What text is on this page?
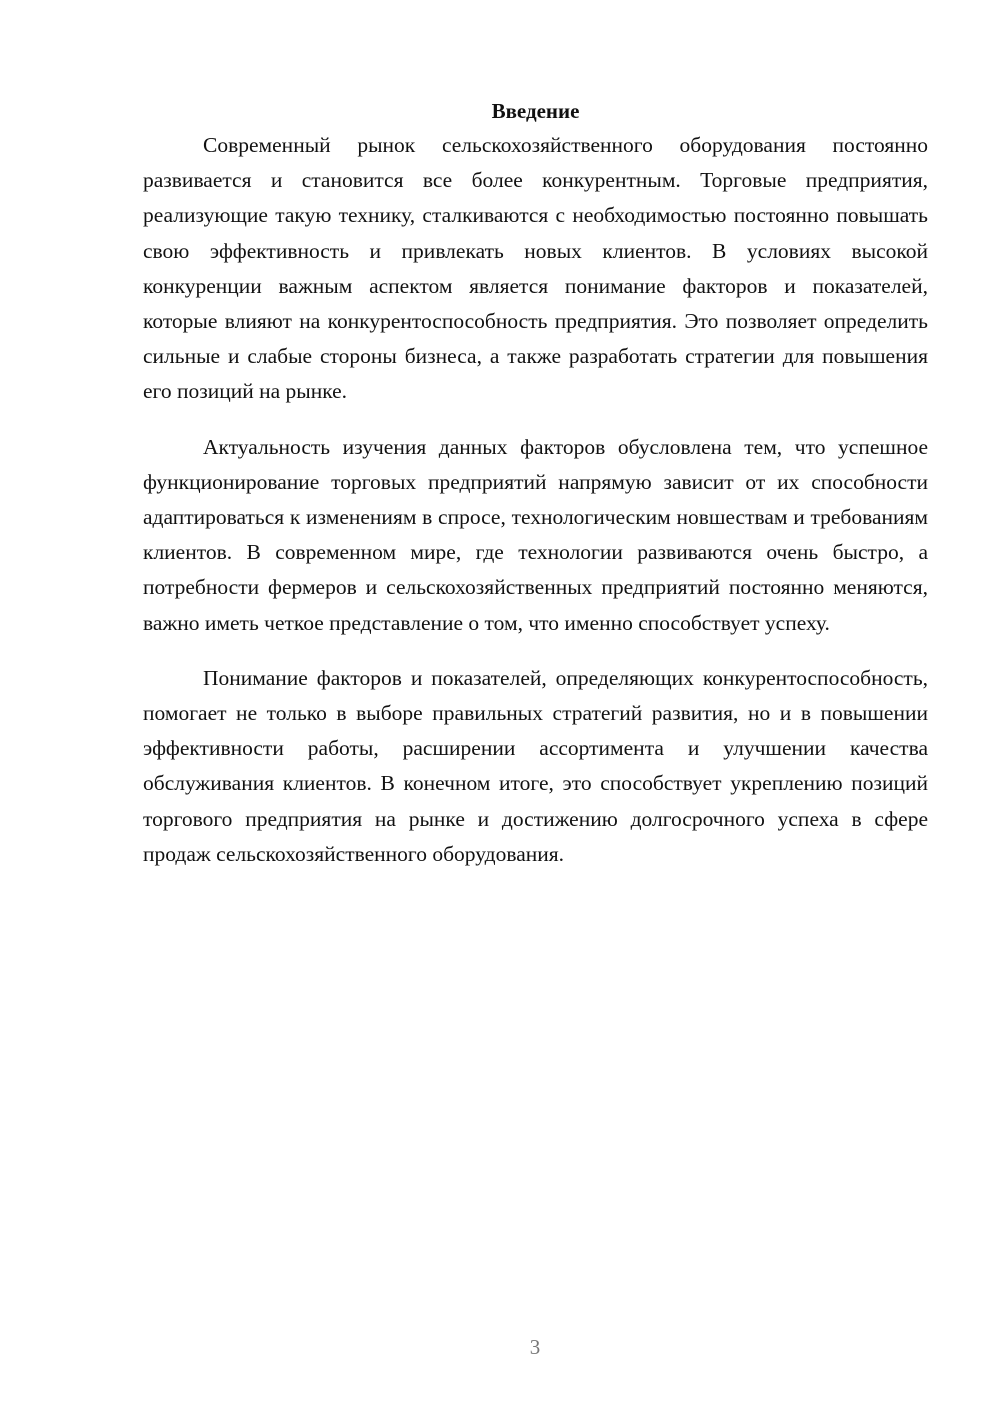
Введение

Современный рынок сельскохозяйственного оборудования постоянно развивается и становится все более конкурентным. Торговые предприятия, реализующие такую технику, сталкиваются с необходимостью постоянно повышать свою эффективность и привлекать новых клиентов. В условиях высокой конкуренции важным аспектом является понимание факторов и показателей, которые влияют на конкурентоспособность предприятия. Это позволяет определить сильные и слабые стороны бизнеса, а также разработать стратегии для повышения его позиций на рынке.

Актуальность изучения данных факторов обусловлена тем, что успешное функционирование торговых предприятий напрямую зависит от их способности адаптироваться к изменениям в спросе, технологическим новшествам и требованиям клиентов. В современном мире, где технологии развиваются очень быстро, а потребности фермеров и сельскохозяйственных предприятий постоянно меняются, важно иметь четкое представление о том, что именно способствует успеху.

Понимание факторов и показателей, определяющих конкурентоспособность, помогает не только в выборе правильных стратегий развития, но и в повышении эффективности работы, расширении ассортимента и улучшении качества обслуживания клиентов. В конечном итоге, это способствует укреплению позиций торгового предприятия на рынке и достижению долгосрочного успеха в сфере продаж сельскохозяйственного оборудования.

3
